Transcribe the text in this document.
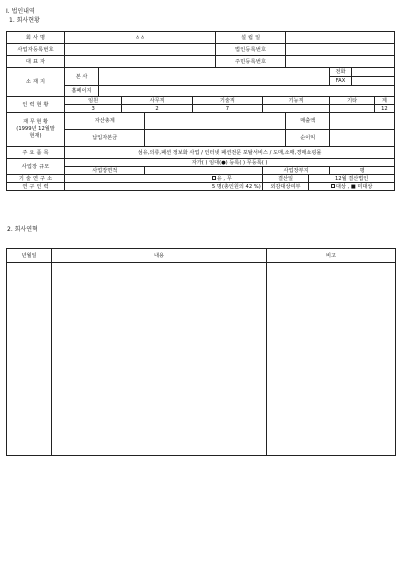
I. 법인내역
1. 회사현황
회 사 명	ㅿㅿ					설 립 일						
사업자등록번호						법인등록번호						
대 표 자						주민등록번호						
소 재 지	본 사									전화		
										FAX		
	홈페이지											
인 력 현 황	임원		사무직		기술직		기능직			기타		계
	3		2		7							12
재 무 현 황
(1999년 12월말
현재)	자산총계							매출액				
	납입자본금							순이익				
주 요 품 목	섬유,의류,패션 정보화 사업 / 인터넷 패션전문 포탈서비스 / 도매,소매,경매쇼핑몰											
사업장 규모	자가( ) 임대(●) 등록( ) 무등록( )											
	사업장면적						사업장부지			평		
기 술 연 구 소	유 , 무						결산일		12월 결산법인			
연 구 인 력	5 명(총인원의 42 %)						외감대상여부		대상 , ■ 미대상			
2. 회사연혁
년월일	내용	비고
